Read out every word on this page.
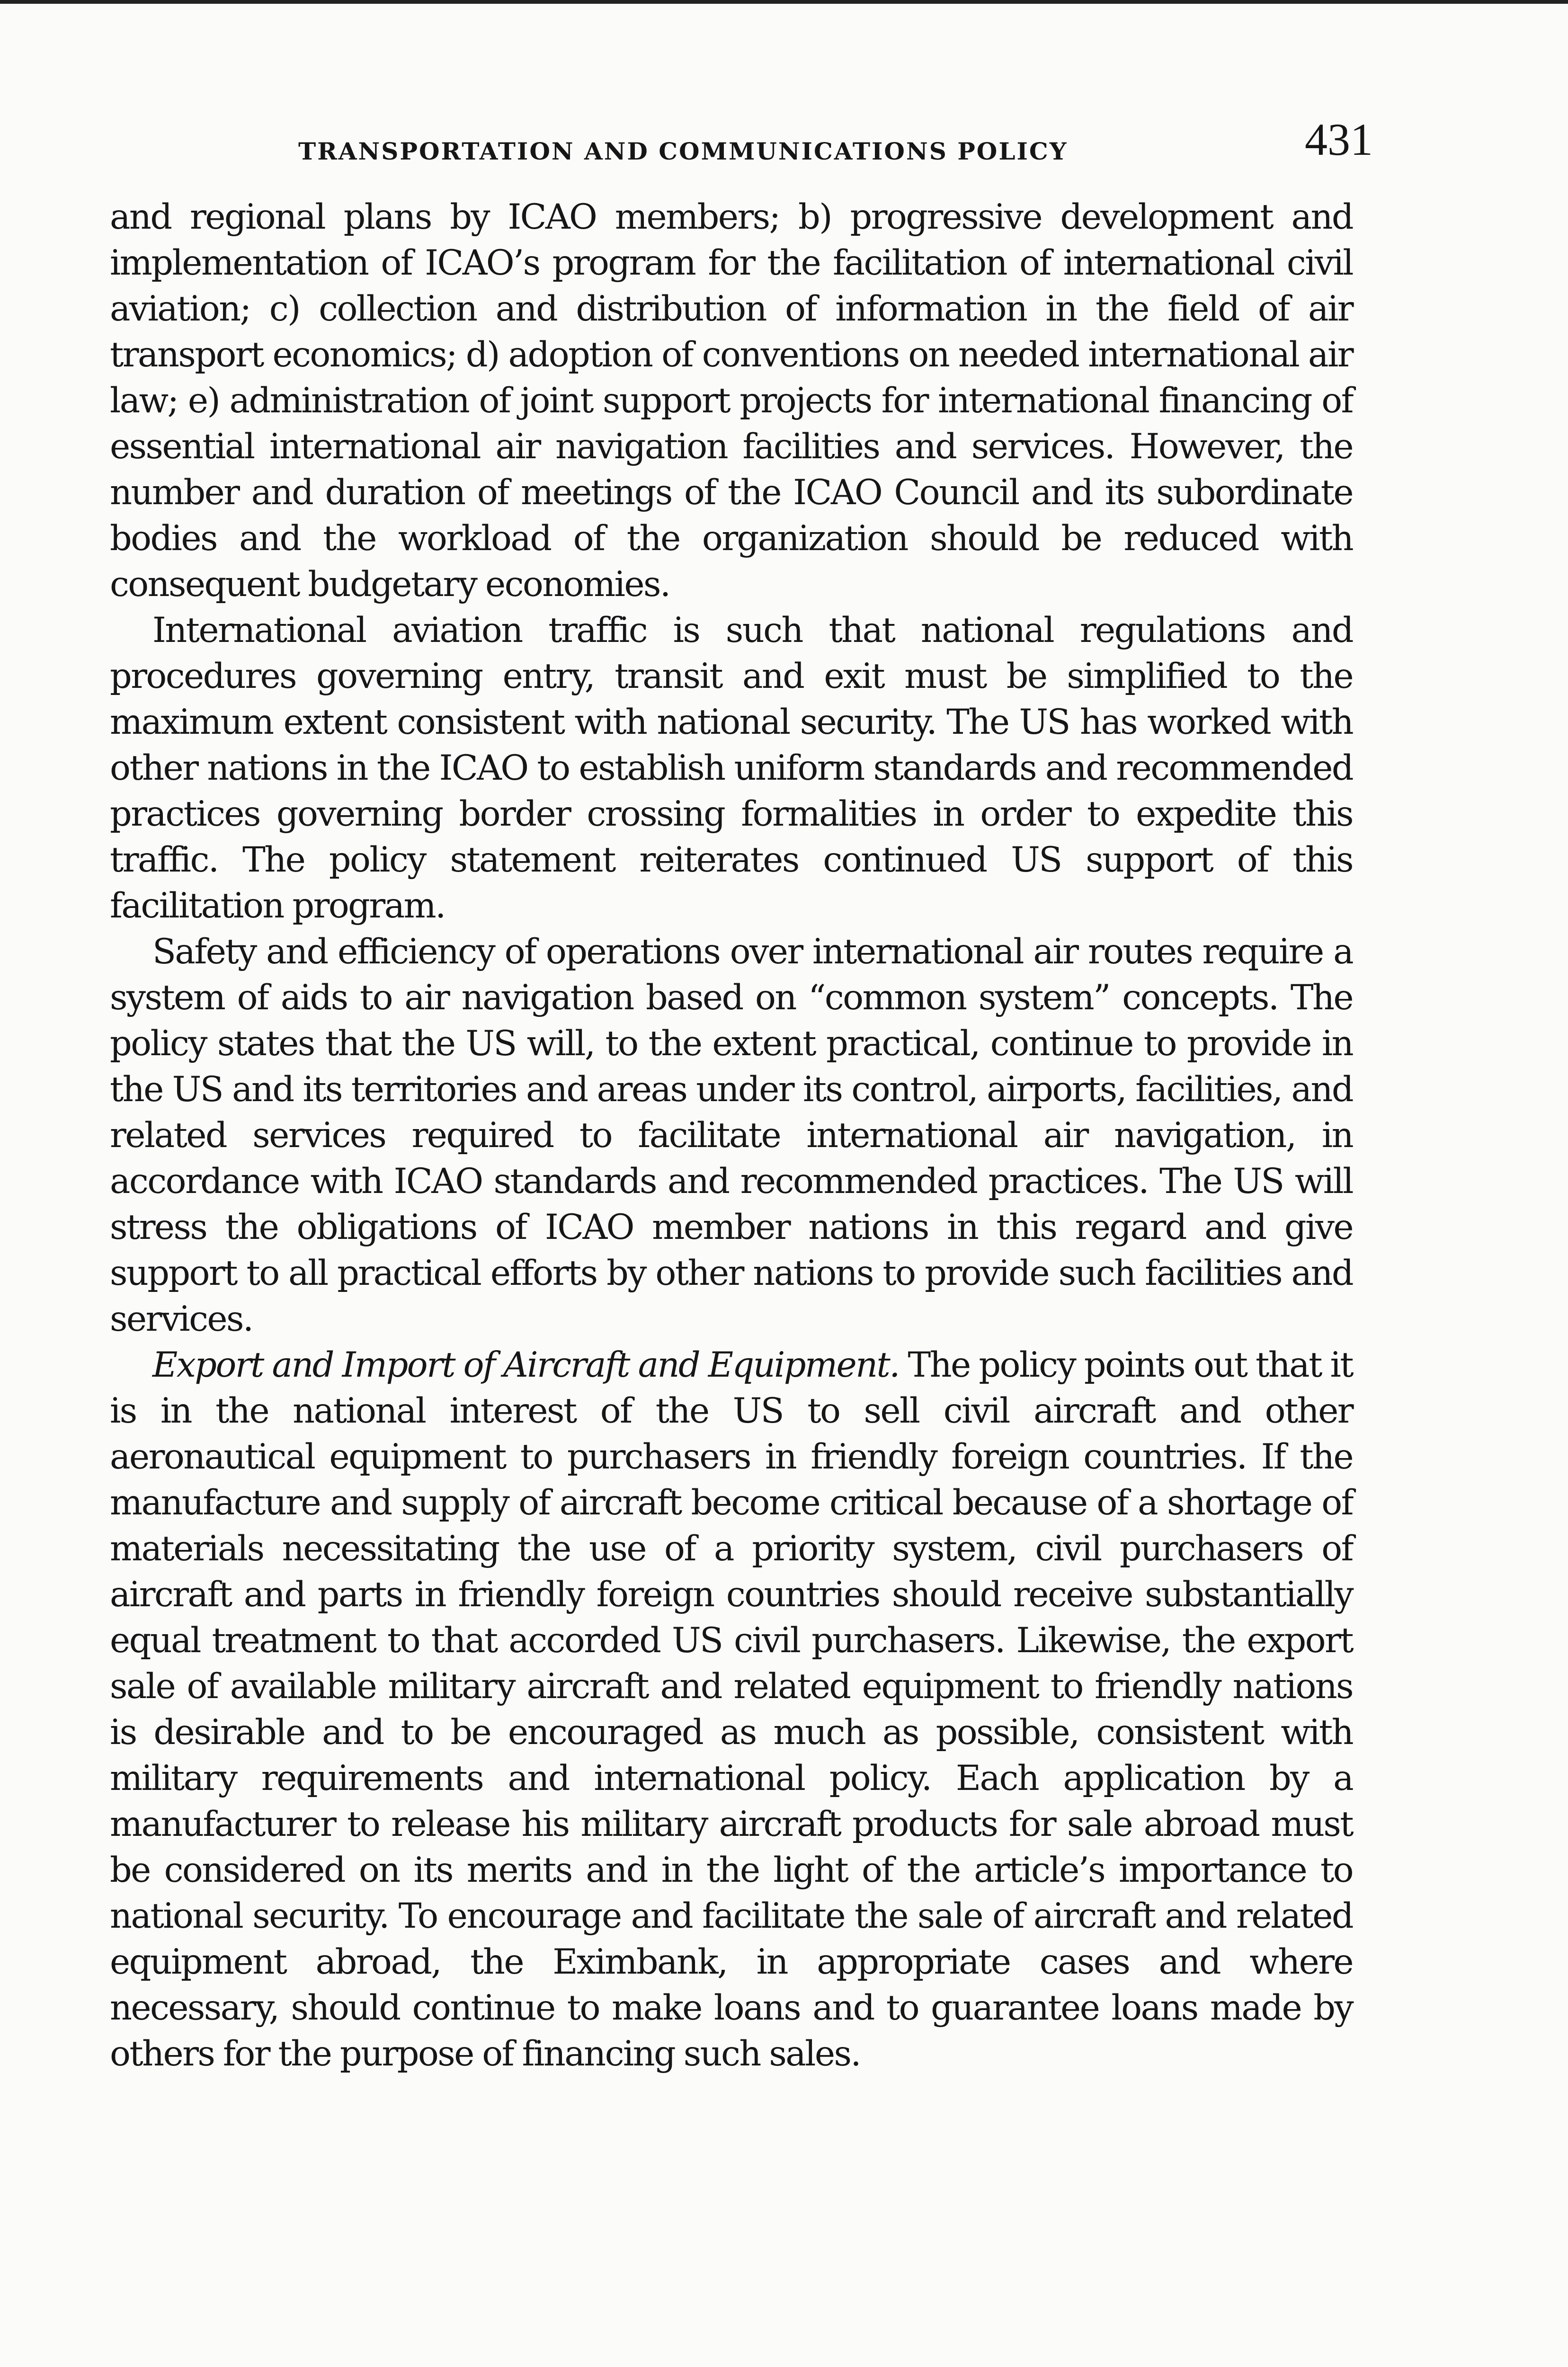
TRANSPORTATION AND COMMUNICATIONS POLICY	431

and regional plans by ICAO members; b) progressive development and implementation of ICAO’s program for the facilitation of international civil aviation; c) collection and distribution of information in the field of air transport economics; d) adoption of conventions on needed international air law; e) administration of joint support projects for international financing of essential international air navigation facilities and services. However, the number and duration of meetings of the ICAO Council and its subordinate bodies and the workload of the organization should be reduced with consequent budgetary economies.

International aviation traffic is such that national regulations and procedures governing entry, transit and exit must be simplified to the maximum extent consistent with national security. The US has worked with other nations in the ICAO to establish uniform standards and recommended practices governing border crossing formalities in order to expedite this traffic. The policy statement reiterates continued US support of this facilitation program.

Safety and efficiency of operations over international air routes require a system of aids to air navigation based on “common system” concepts. The policy states that the US will, to the extent practical, continue to provide in the US and its territories and areas under its control, airports, facilities, and related services required to facilitate international air navigation, in accordance with ICAO standards and recommended practices. The US will stress the obligations of ICAO member nations in this regard and give support to all practical efforts by other nations to provide such facilities and services.

Export and Import of Aircraft and Equipment. The policy points out that it is in the national interest of the US to sell civil aircraft and other aeronautical equipment to purchasers in friendly foreign countries. If the manufacture and supply of aircraft become critical because of a shortage of materials necessitating the use of a priority system, civil purchasers of aircraft and parts in friendly foreign countries should receive substantially equal treatment to that accorded US civil purchasers. Likewise, the export sale of available military aircraft and related equipment to friendly nations is desirable and to be encouraged as much as possible, consistent with military requirements and international policy. Each application by a manufacturer to release his military aircraft products for sale abroad must be considered on its merits and in the light of the article’s importance to national security. To encourage and facilitate the sale of aircraft and related equipment abroad, the Eximbank, in appropriate cases and where necessary, should continue to make loans and to guarantee loans made by others for the purpose of financing such sales.
